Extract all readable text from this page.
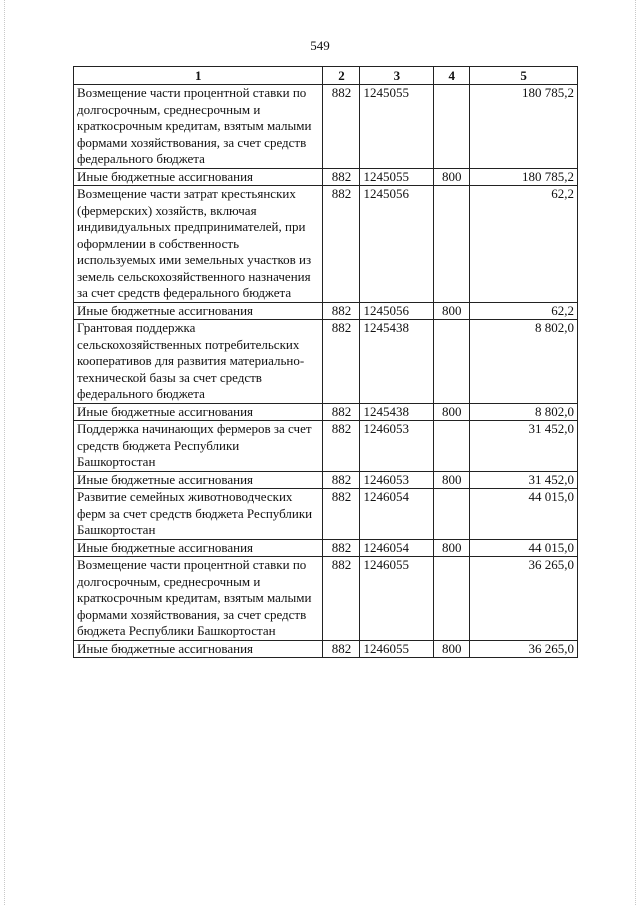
549
1	2	3	4	5
Возмещение части процентной ставки по долгосрочным, среднесрочным и краткосрочным кредитам, взятым малыми формами хозяйствования, за счет средств федерального бюджета	882	1245055		180 785,2
Иные бюджетные ассигнования	882	1245055	800	180 785,2
Возмещение части затрат крестьянских (фермерских) хозяйств, включая индивидуальных предпринимателей, при оформлении в собственность используемых ими земельных участков из земель сельскохозяйственного назначения за счет средств федерального бюджета	882	1245056		62,2
Иные бюджетные ассигнования	882	1245056	800	62,2
Грантовая поддержка сельскохозяйственных потребительских кооперативов для развития материально-технической базы за счет средств федерального бюджета	882	1245438		8 802,0
Иные бюджетные ассигнования	882	1245438	800	8 802,0
Поддержка начинающих фермеров за счет средств бюджета Республики Башкортостан	882	1246053		31 452,0
Иные бюджетные ассигнования	882	1246053	800	31 452,0
Развитие семейных животноводческих ферм за счет средств бюджета Республики Башкортостан	882	1246054		44 015,0
Иные бюджетные ассигнования	882	1246054	800	44 015,0
Возмещение части процентной ставки по долгосрочным, среднесрочным и краткосрочным кредитам, взятым малыми формами хозяйствования, за счет средств бюджета Республики Башкортостан	882	1246055		36 265,0
Иные бюджетные ассигнования	882	1246055	800	36 265,0
